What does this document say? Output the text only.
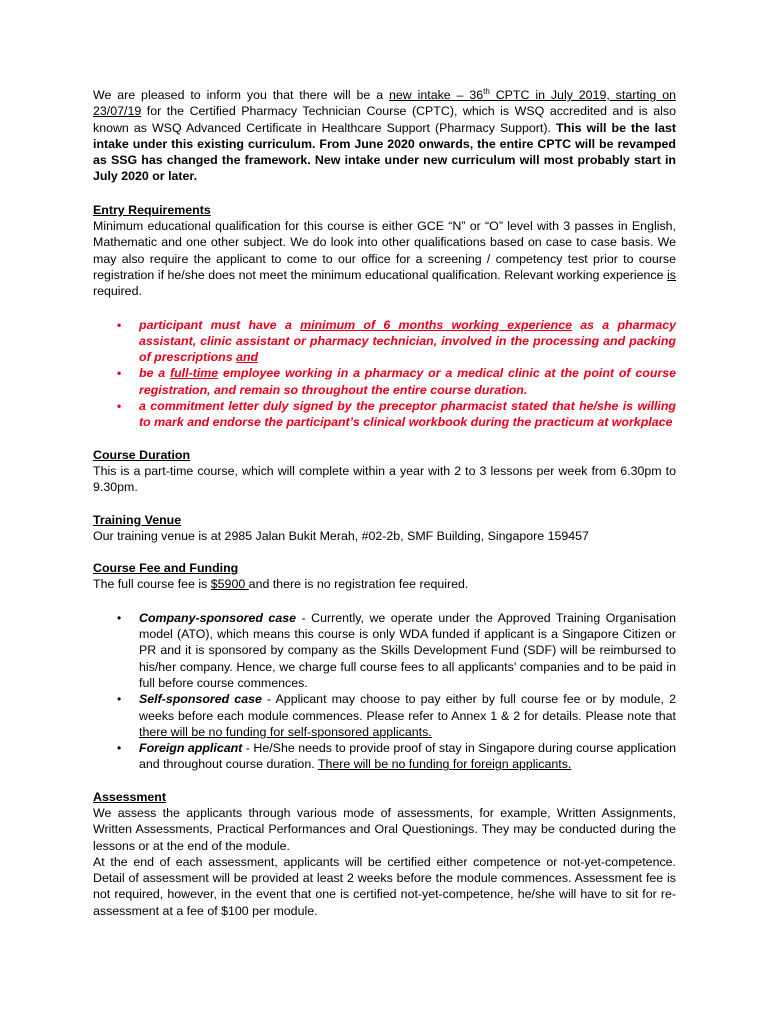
We are pleased to inform you that there will be a new intake – 36th CPTC in July 2019, starting on 23/07/19 for the Certified Pharmacy Technician Course (CPTC), which is WSQ accredited and is also known as WSQ Advanced Certificate in Healthcare Support (Pharmacy Support). This will be the last intake under this existing curriculum. From June 2020 onwards, the entire CPTC will be revamped as SSG has changed the framework. New intake under new curriculum will most probably start in July 2020 or later.

Entry Requirements

Minimum educational qualification for this course is either GCE “N” or “O” level with 3 passes in English, Mathematic and one other subject. We do look into other qualifications based on case to case basis. We may also require the applicant to come to our office for a screening / competency test prior to course registration if he/she does not meet the minimum educational qualification. Relevant working experience is required.

• participant must have a minimum of 6 months working experience as a pharmacy assistant, clinic assistant or pharmacy technician, involved in the processing and packing of prescriptions and
• be a full-time employee working in a pharmacy or a medical clinic at the point of course registration, and remain so throughout the entire course duration.
• a commitment letter duly signed by the preceptor pharmacist stated that he/she is willing to mark and endorse the participant’s clinical workbook during the practicum at workplace

Course Duration

This is a part-time course, which will complete within a year with 2 to 3 lessons per week from 6.30pm to 9.30pm.

Training Venue

Our training venue is at 2985 Jalan Bukit Merah, #02-2b, SMF Building, Singapore 159457

Course Fee and Funding

The full course fee is $5900 and there is no registration fee required.

• Company-sponsored case - Currently, we operate under the Approved Training Organisation model (ATO), which means this course is only WDA funded if applicant is a Singapore Citizen or PR and it is sponsored by company as the Skills Development Fund (SDF) will be reimbursed to his/her company. Hence, we charge full course fees to all applicants’ companies and to be paid in full before course commences.
• Self-sponsored case - Applicant may choose to pay either by full course fee or by module, 2 weeks before each module commences. Please refer to Annex 1 & 2 for details. Please note that there will be no funding for self-sponsored applicants.
• Foreign applicant - He/She needs to provide proof of stay in Singapore during course application and throughout course duration. There will be no funding for foreign applicants.

Assessment

We assess the applicants through various mode of assessments, for example, Written Assignments, Written Assessments, Practical Performances and Oral Questionings. They may be conducted during the lessons or at the end of the module.

At the end of each assessment, applicants will be certified either competence or not-yet-competence. Detail of assessment will be provided at least 2 weeks before the module commences. Assessment fee is not required, however, in the event that one is certified not-yet-competence, he/she will have to sit for re-assessment at a fee of $100 per module.
